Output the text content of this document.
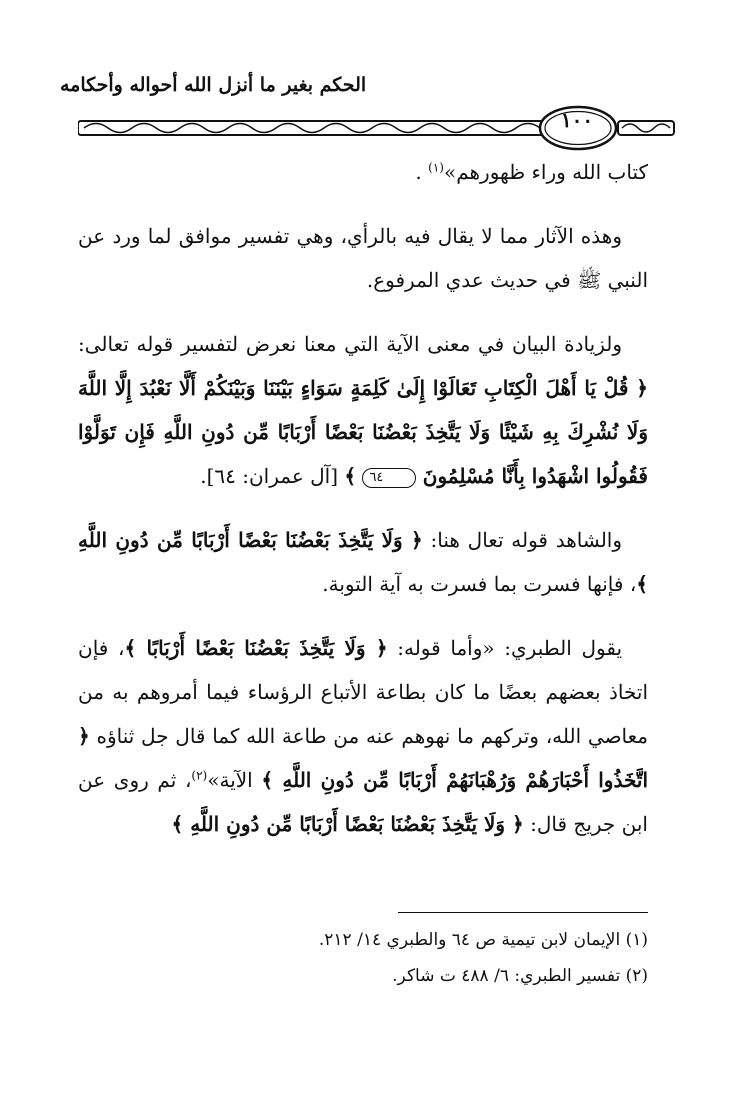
الحكم بغير ما أنزل الله أحواله وأحكامه
١٠٠

كتاب الله وراء ظهورهم»$^{(١)}$ .

وهذه الآثار مما لا يقال فيه بالرأي، وهي تفسير موافق لما ورد عن النبي ﷺ في حديث عدي المرفوع.

ولزيادة البيان في معنى الآية التي معنا نعرض لتفسير قوله تعالى: ﴿ قُلْ يَا أَهْلَ الْكِتَابِ تَعَالَوْا إِلَىٰ كَلِمَةٍ سَوَاءٍ بَيْنَنَا وَبَيْنَكُمْ أَلَّا نَعْبُدَ إِلَّا اللَّهَ وَلَا نُشْرِكَ بِهِ شَيْئًا وَلَا يَتَّخِذَ بَعْضُنَا بَعْضًا أَرْبَابًا مِّن دُونِ اللَّهِ فَإِن تَوَلَّوْا فَقُولُوا اشْهَدُوا بِأَنَّا مُسْلِمُونَ ٦٤ ﴾ [آل عمران: ٦٤].

والشاهد قوله تعال هنا: ﴿ وَلَا يَتَّخِذَ بَعْضُنَا بَعْضًا أَرْبَابًا مِّن دُونِ اللَّهِ ﴾، فإنها فسرت بما فسرت به آية التوبة.

يقول الطبري: «وأما قوله: ﴿ وَلَا يَتَّخِذَ بَعْضُنَا بَعْضًا أَرْبَابًا ﴾، فإن اتخاذ بعضهم بعضًا ما كان بطاعة الأتباع الرؤساء فيما أمروهم به من معاصي الله، وتركهم ما نهوهم عنه من طاعة الله كما قال جل ثناؤه ﴿ اتَّخَذُوا أَحْبَارَهُمْ وَرُهْبَانَهُمْ أَرْبَابًا مِّن دُونِ اللَّهِ ﴾ الآية»$^{(٢)}$، ثم روى عن ابن جريج قال: ﴿ وَلَا يَتَّخِذَ بَعْضُنَا بَعْضًا أَرْبَابًا مِّن دُونِ اللَّهِ ﴾

(١) الإيمان لابن تيمية ص ٦٤ والطبري ١٤/ ٢١٢.
(٢) تفسير الطبري: ٦/ ٤٨٨ ت شاكر.
